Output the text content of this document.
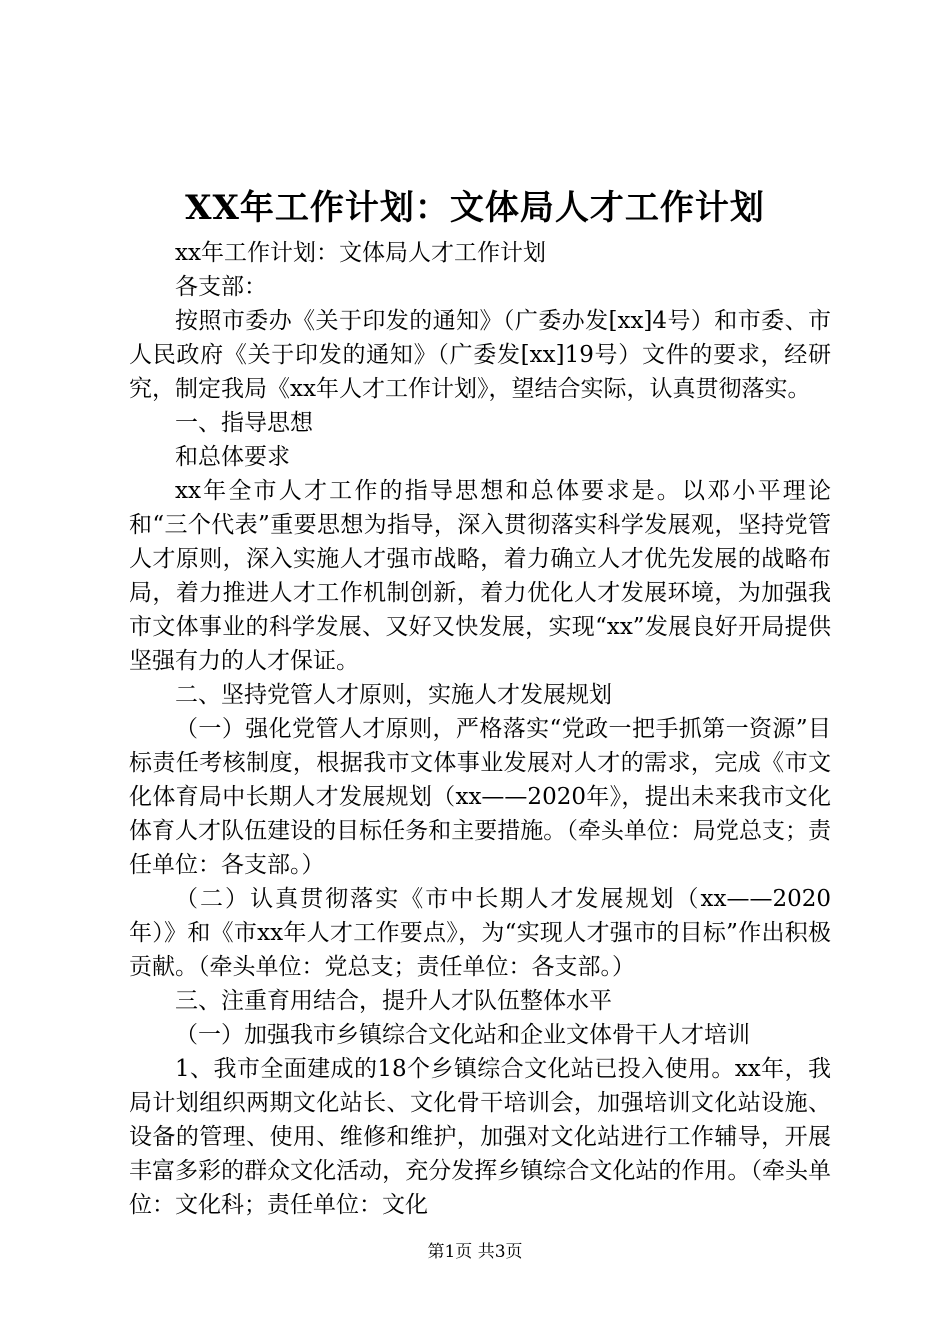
XX年工作计划：文体局人才工作计划

xx年工作计划：文体局人才工作计划

各支部：

按照市委办《关于印发的通知》（广委办发[xx]4号）和市委、市人民政府《关于印发的通知》（广委发[xx]19号）文件的要求，经研究，制定我局《xx年人才工作计划》，望结合实际，认真贯彻落实。

一、指导思想

和总体要求

xx年全市人才工作的指导思想和总体要求是。以邓小平理论和“三个代表”重要思想为指导，深入贯彻落实科学发展观，坚持党管人才原则，深入实施人才强市战略，着力确立人才优先发展的战略布局，着力推进人才工作机制创新，着力优化人才发展环境，为加强我市文体事业的科学发展、又好又快发展，实现“xx”发展良好开局提供坚强有力的人才保证。

二、坚持党管人才原则，实施人才发展规划

（一）强化党管人才原则，严格落实“党政一把手抓第一资源”目标责任考核制度，根据我市文体事业发展对人才的需求，完成《市文化体育局中长期人才发展规划（xx——2020年》，提出未来我市文化体育人才队伍建设的目标任务和主要措施。（牵头单位：局党总支；责任单位：各支部。）

（二）认真贯彻落实《市中长期人才发展规划（xx——2020年）》和《市xx年人才工作要点》，为“实现人才强市的目标”作出积极贡献。（牵头单位：党总支；责任单位：各支部。）

三、注重育用结合，提升人才队伍整体水平

（一）加强我市乡镇综合文化站和企业文体骨干人才培训

1、我市全面建成的18个乡镇综合文化站已投入使用。xx年，我局计划组织两期文化站长、文化骨干培训会，加强培训文化站设施、设备的管理、使用、维修和维护，加强对文化站进行工作辅导，开展丰富多彩的群众文化活动，充分发挥乡镇综合文化站的作用。（牵头单位：文化科；责任单位：文化

第1页 共3页
